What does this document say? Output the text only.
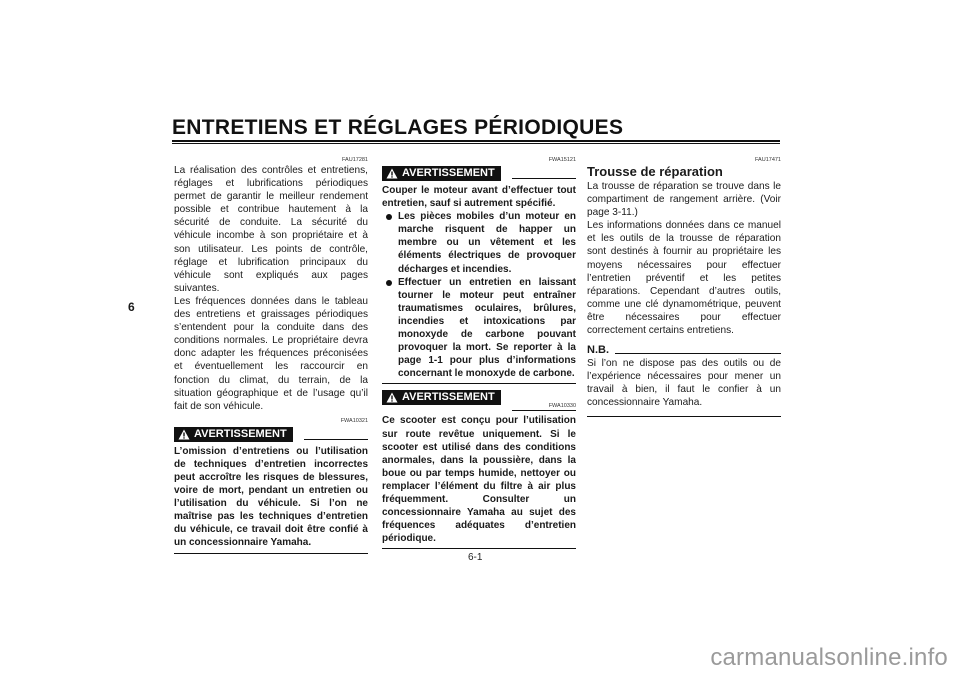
ENTRETIENS ET RÉGLAGES PÉRIODIQUES
6
FAU17281

La réalisation des contrôles et entretiens, réglages et lubrifications périodiques permet de garantir le meilleur rendement possible et contribue hautement à la sécurité de conduite. La sécurité du véhicule incombe à son propriétaire et à son utilisateur. Les points de contrôle, réglage et lubrification principaux du véhicule sont expliqués aux pages suivantes.

Les fréquences données dans le tableau des entretiens et graissages périodiques s’entendent pour la conduite dans des conditions normales. Le propriétaire devra donc adapter les fréquences préconisées et éventuellement les raccourcir en fonction du climat, du terrain, de la situation géographique et de l’usage qu’il fait de son véhicule.

FWA10321
AVERTISSEMENT

L’omission d’entretiens ou l’utilisation de techniques d’entretien incorrectes peut accroître les risques de blessures, voire de mort, pendant un entretien ou l’utilisation du véhicule. Si l’on ne maîtrise pas les techniques d’entretien du véhicule, ce travail doit être confié à un concessionnaire Yamaha.

FWA15121
AVERTISSEMENT

Couper le moteur avant d’effectuer tout entretien, sauf si autrement spécifié.

Les pièces mobiles d’un moteur en marche risquent de happer un membre ou un vêtement et les éléments électriques de provoquer décharges et incendies.
Effectuer un entretien en laissant tourner le moteur peut entraîner traumatismes oculaires, brûlures, incendies et intoxications par monoxyde de carbone pouvant provoquer la mort. Se reporter à la page 1-1 pour plus d’informations concernant le monoxyde de carbone.
AVERTISSEMENT
FWA10330

Ce scooter est conçu pour l’utilisation sur route revêtue uniquement. Si le scooter est utilisé dans des conditions anormales, dans la poussière, dans la boue ou par temps humide, nettoyer ou remplacer l’élément du filtre à air plus fréquemment. Consulter un concessionnaire Yamaha au sujet des fréquences adéquates d’entretien périodique.

FAU17471
Trousse de réparation

La trousse de réparation se trouve dans le compartiment de rangement arrière. (Voir page 3-11.)

Les informations données dans ce manuel et les outils de la trousse de réparation sont destinés à fournir au propriétaire les moyens nécessaires pour effectuer l’entretien préventif et les petites réparations. Cependant d’autres outils, comme une clé dynamométrique, peuvent être nécessaires pour effectuer correctement certains entretiens.

N.B.

Si l’on ne dispose pas des outils ou de l’expérience nécessaires pour mener un travail à bien, il faut le confier à un concessionnaire Yamaha.

6-1
carmanualsonline.info
